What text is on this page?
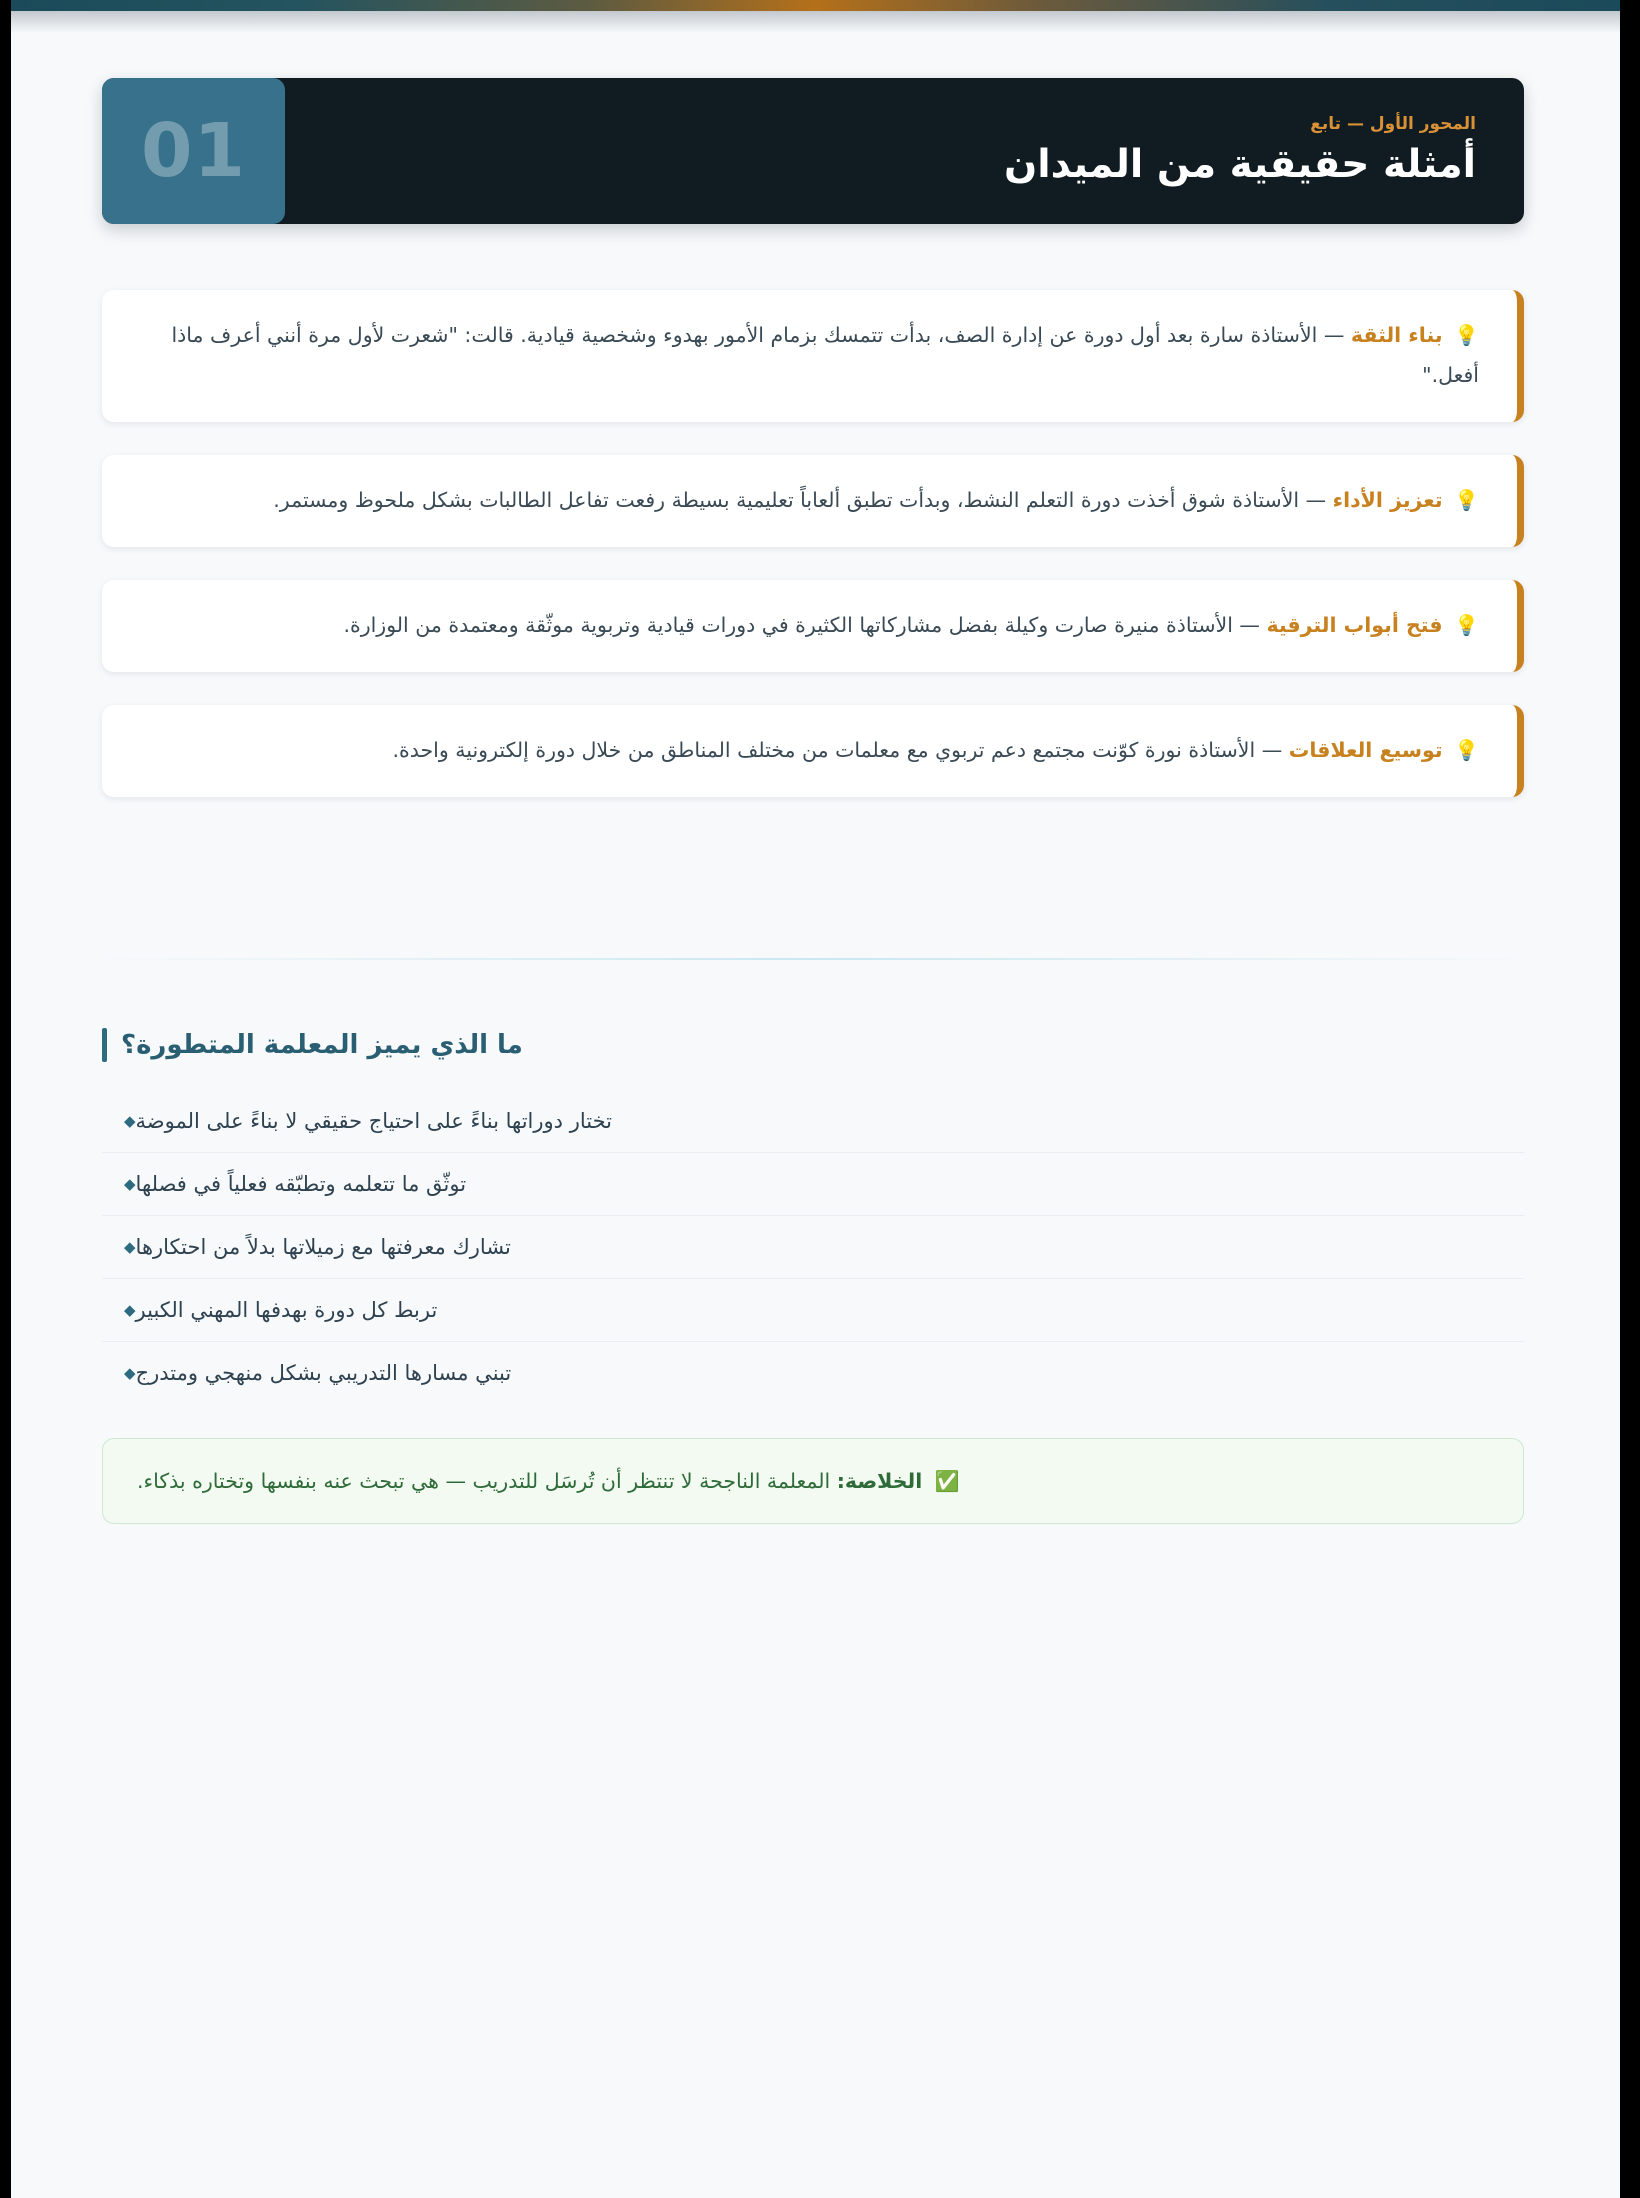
01	المحور الأول — تابع
أمثلة حقيقية من الميدان
💡 بناء الثقة — الأستاذة سارة بعد أول دورة عن إدارة الصف، بدأت تتمسك بزمام الأمور بهدوء وشخصية قيادية. قالت: "شعرت لأول مرة أنني أعرف ماذا أفعل."
💡 تعزيز الأداء — الأستاذة شوق أخذت دورة التعلم النشط، وبدأت تطبق ألعاباً تعليمية بسيطة رفعت تفاعل الطالبات بشكل ملحوظ ومستمر.
💡 فتح أبواب الترقية — الأستاذة منيرة صارت وكيلة بفضل مشاركاتها الكثيرة في دورات قيادية وتربوية موثّقة ومعتمدة من الوزارة.
💡 توسيع العلاقات — الأستاذة نورة كوّنت مجتمع دعم تربوي مع معلمات من مختلف المناطق من خلال دورة إلكترونية واحدة.
ما الذي يميز المعلمة المتطورة؟
◆ تختار دوراتها بناءً على احتياج حقيقي لا بناءً على الموضة
◆ توثّق ما تتعلمه وتطبّقه فعلياً في فصلها
◆ تشارك معرفتها مع زميلاتها بدلاً من احتكارها
◆ تربط كل دورة بهدفها المهني الكبير
◆ تبني مسارها التدريبي بشكل منهجي ومتدرج
✅ الخلاصة: المعلمة الناجحة لا تنتظر أن تُرسَل للتدريب — هي تبحث عنه بنفسها وتختاره بذكاء.
